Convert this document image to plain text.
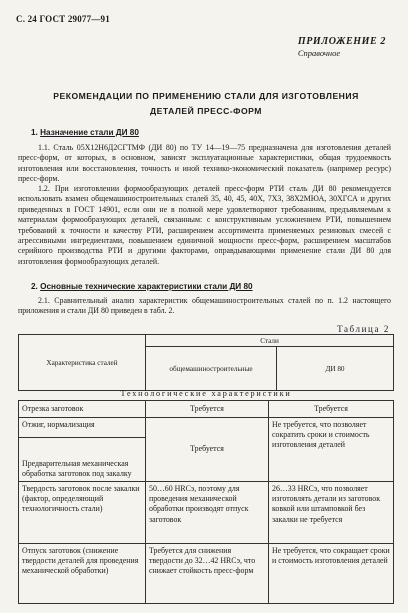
С. 24 ГОСТ 29077—91
ПРИЛОЖЕНИЕ 2
Справочное
РЕКОМЕНДАЦИИ ПО ПРИМЕНЕНИЮ СТАЛИ ДЛЯ ИЗГОТОВЛЕНИЯ
ДЕТАЛЕЙ ПРЕСС-ФОРМ
1. Назначение стали ДИ 80
1.1. Сталь 05Х12Н6Д2СГТМФ (ДИ 80) по ТУ 14—19—75 предназначена для изготовления деталей пресс-форм, от которых, в основном, зависят эксплуатационные характеристики, общая трудоемкость изготовления или восстановления, точность и иной технико-экономический показатель (например ресурс) пресс-форм.
1.2. При изготовлении формообразующих деталей пресс-форм РТИ сталь ДИ 80 рекомендуется использовать взамен общемашиностроительных сталей 35, 40, 45, 40Х, 7Х3, 38Х2МЮА, 30ХГСА и других приведенных в ГОСТ 14901, если они не в полной мере удовлетворяют требованиям, предъявляемым к материалам формообразующих деталей, связанным: с конструктивным усложнением РТИ, повышением требований к точности и качеству РТИ, расширением ассортимента применяемых резиновых смесей с агрессивными ингредиентами, повышением единичной мощности пресс-форм, расширением масштабов серийного производства РТИ и другими факторами, оправдывающими применение стали ДИ 80 для изготовления формообразующих деталей.
2. Основные технические характеристики стали ДИ 80
2.1. Сравнительный анализ характеристик общемашиностроительных сталей по п. 1.2 настоящего приложения и стали ДИ 80 приведен в табл. 2.
Таблица 2
Характеристика сталей	Стали	
	общемашиностроительные	ДИ 80
Технологические характеристики
Отрезка заготовок	Требуется	Требуется
Отжиг, нормализация	Требуется	Не требуется, что позволяет сократить сроки и стоимость изготовления деталей
Предварительная механическая обработка заготовок под закалку		
Твердость заготовок после закалки (фактор, определяющий технологичность стали)	50…60 HRCэ, поэтому для проведения механической обработки производят отпуск заготовок	26…33 HRCэ, что позволяет изготовлять детали из заготовок ковкой или штамповкой без закалки не требуется
Отпуск заготовок (снижение твердости деталей для проведения механической обработки)	Требуется для снижения твердости до 32…42 HRCэ, что снижает стойкость пресс-форм	Не требуется, что сокращает сроки и стоимость изготовления деталей
